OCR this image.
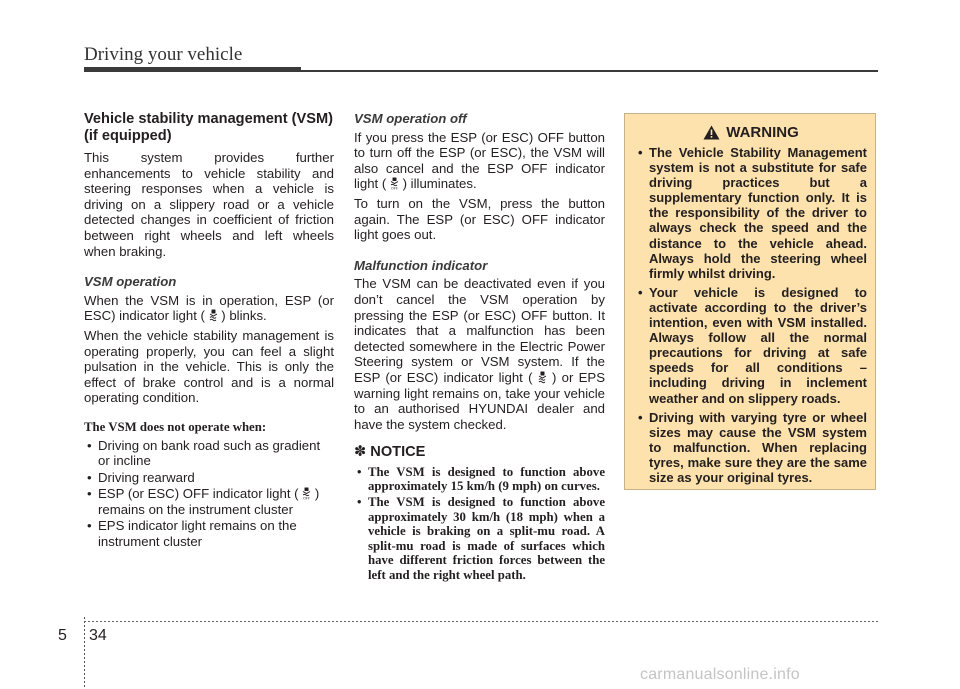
Driving your vehicle
Vehicle stability management (VSM) (if equipped)

This system provides further enhancements to vehicle stability and steering responses when a vehicle is driving on a slippery road or a vehicle detected changes in coefficient of friction between right wheels and left wheels when braking.

VSM operation

When the VSM is in operation, ESP (or ESC) indicator light ( ) blinks.

When the vehicle stability management is operating properly, you can feel a slight pulsation in the vehicle. This is only the effect of brake control and is a normal operating condition.

The VSM does not operate when:
• Driving on bank road such as gradient or incline
• Driving rearward
• ESP (or ESC) OFF indicator light ( OFF ) remains on the instrument cluster
• EPS indicator light remains on the instrument cluster
VSM operation off

If you press the ESP (or ESC) OFF button to turn off the ESP (or ESC), the VSM will also cancel and the ESP OFF indicator light ( OFF ) illuminates.

To turn on the VSM, press the button again. The ESP (or ESC) OFF indicator light goes out.

Malfunction indicator

The VSM can be deactivated even if you don’t cancel the VSM operation by pressing the ESP (or ESC) OFF button. It indicates that a malfunction has been detected somewhere in the Electric Power Steering system or VSM system. If the ESP (or ESC) indicator light ( ) or EPS warning light remains on, take your vehicle to an authorised HYUNDAI dealer and have the system checked.

✽ NOTICE
• The VSM is designed to function above approximately 15 km/h (9 mph) on curves.
• The VSM is designed to function above approximately 30 km/h (18 mph) when a vehicle is braking on a split-mu road. A split-mu road is made of surfaces which have different friction forces between the left and the right wheel path.
WARNING
• The Vehicle Stability Management system is not a substitute for safe driving practices but a supplementary function only. It is the responsibility of the driver to always check the speed and the distance to the vehicle ahead. Always hold the steering wheel firmly whilst driving.
• Your vehicle is designed to activate according to the driver’s intention, even with VSM installed. Always follow all the normal precautions for driving at safe speeds for all conditions – including driving in inclement weather and on slippery roads.
• Driving with varying tyre or wheel sizes may cause the VSM system to malfunction. When replacing tyres, make sure they are the same size as your original tyres.
5 34
carmanualsonline.info
